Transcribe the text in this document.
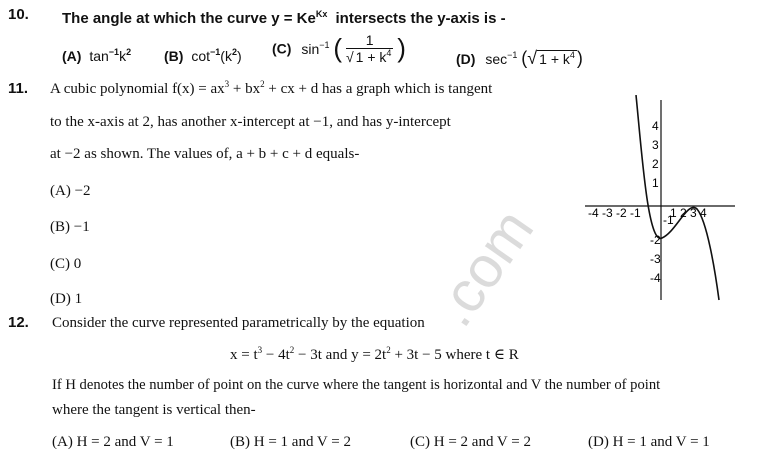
.com
10. The angle at which the curve $y = Ke^{Kx}$ intersects the y-axis is -
(A) $\tan^{-1}k^2$ (B) $\cot^{-1}(k^2)$ (C) $\sin^{-1}$ ( $\frac{1}{√ 1 + k^4}$ )	(D) $\sec^{-1}$ (√ $1 + k^4$ )
11. A cubic polynomial $f(x) = ax^3 + bx^2$ + cx + d has a graph which is tangent
to the x-axis at 2, has another x-intercept at −1, and has y-intercept
at −2 as shown. The values of, a + b + c + d equals-
(A) −2
(B) −1
(C) 0
(D) 1
-4 -3 -2 -1 1 2 3 4
4
3
2
1
-1
-2
-3
-4
12. Consider the curve represented parametrically by the equation
$x = t^3 - 4t^2 - 3t$ and $y = 2t^2 + 3t - 5$ where t ∈ R
If H denotes the number of point on the curve where the tangent is horizontal and V the number of point
where the tangent is vertical then-
(A) H = 2 and V = 1	(B) H = 1 and V = 2	(C) H = 2 and V = 2	(D) H = 1 and V = 1
